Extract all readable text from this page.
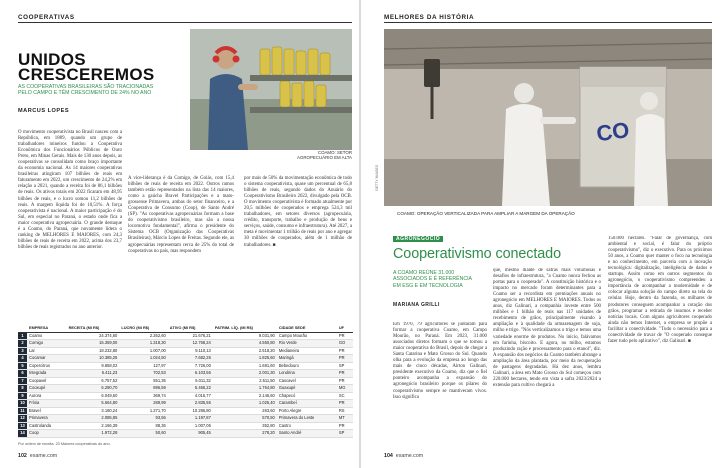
COOPERATIVAS
UNIDOS CRESCEREMOS
AS COOPERATIVAS BRASILEIRAS SÃO TRACIONADAS PELO CAMPO E TÊM CRESCIMENTO DE 24% NO ANO
MARCUS LOPES
COAMO: SETOR AGROPECUÁRIO EM ALTA
O movimento cooperativista no Brasil nasceu com a República, em 1889, quando um grupo de trabalhadores mineiros fundou a Cooperativa Econômica dos Funcionários Públicos de Ouro Preto, em Minas Gerais. Mais de 130 anos depois, as cooperativas se consolidam como braço importante da economia nacional. As 14 maiores cooperativas brasileiras atingiram 107 bilhões de reais em faturamento em 2022, um crescimento de 24,2% em relação a 2021, quando a receita foi de 86,1 bilhões de reais. Os ativos totais em 2022 ficaram em 48,95 bilhões de reais, e o lucro somou 11,2 bilhões de reais. A margem líquida foi de 10,51%. A força cooperativista é nacional. A maior participação é do Sul, em especial no Paraná, o estado onde fica a maior cooperativa agropecuária. O grande destaque é a Coamo, do Paraná, que novamente lidera o ranking de MELHORES E MAIORES, com 24,3 bilhões de reais de receita em 2022, acima dos 23,7 bilhões de reais registrados no ano anterior.
A vice-liderança é da Comigo, de Goiás, com 15,4 bilhões de reais de receita em 2022. Outros ramos também estão representados na lista das 14 maiores, como a gaúcha Bravel Participações e a mato-grossense Primavera, ambas do setor financeiro, e a Cooperativa de Consumo (Coop), de Santo André (SP). "As cooperativas agropecuárias formam a base do cooperativismo brasileiro, mas são a nossa locomotiva fundamental", afirma o presidente do Sistema OCB (Organização das Cooperativas Brasileiras), Márcio Lopes de Freitas. Segundo ele, as agropecuárias representam cerca de 25% do total de cooperativas no país, mas respondem
por mais de 50% da movimentação econômica de todo o sistema cooperativista, quase um percentual de 65,8 bilhões de reais, segundo dados do Anuário do Cooperativismo Brasileiro 2022, divulgado pela OCB. O movimento cooperativista é formado atualmente por 20,5 milhões de cooperados e emprega 524,3 mil trabalhadores, em setores diversos (agropecuária, crédito, transporte, trabalho e produção de bens e serviços, saúde, consumo e infraestrutura). Até 2027, a meta é movimentar 1 trilhão de reais por ano e agregar 30 milhões de cooperados, além de 1 milhão de trabalhadores. ■
	EMPRESA	RECEITA (MI R$)	LUCRO (MI R$)	ATIVO (MI R$)	PATRIM. LÍQ. (MI R$)	CIDADE SEDE	UF
1	Coamo	24.374,60	2.262,60	21.676,21	9.031,90	Campo Mourão	PR
2	Comigo	15.359,00	1.318,30	12.768,24	4.550,80	Rio Verde	GO
3	Lar	18.232,80	1.007,00	9.110,13	2.518,20	Medianeira	PR
4	Cocamar	10.385,25	1.024,50	7.682,26	1.825,60	Maringá	PR
5	Copercitrus	9.858,02	127,97	7.726,00	1.691,60	Bebedouro	SP
6	Integrada	6.411,23	702,53	6.103,56	2.001,30	Londrina	PR
7	Coopavel	6.757,52	551,35	5.011,32	2.511,50	Cascavel	PR
8	Cooxupé	6.290,70	896,59	5.466,22	1.764,80	Guaxupé	MG
9	Aurora	6.049,60	369,74	4.016,77	2.146,60	Chapecó	SC
10	Frísia	5.664,80	289,99	2.835,55	1.025,40	Carambeí	PR
11	Bravel	3.180,24	1.271,70	10.286,80	263,60	Porto Alegre	RS
12	Primavera	2.085,85	93,56	1.197,87	570,50	Primavera do Leste	MT
13	Castrolanda	2.166,39	88,36	1.007,06	352,80	Castro	PR
14	Coop	1.972,28	50,60	905,45	278,20	Santo André	SP
Por ordem de receita. 23 Maiores cooperativas do ano.
102 exame.com
MELHORES DA HISTÓRIA
CO
GETTY IMAGES
COAMO: OPERAÇÃO VERTICALIZADA PARA AMPLIAR A MARGEM DA OPERAÇÃO
AGRONEGÓCIO
Cooperativismo conectado
A COAMO REÚNE 31.000 ASSOCIADOS E É REFERÊNCIA EM ESG E EM TECNOLOGIA
MARIANA GRILLI
Em 1970, 79 agricultores se juntaram para formar a cooperativa Coamo, em Campo Mourão, no Paraná. Em 2023, 31.000 associados diretos formam o que se tornou a maior cooperativa do Brasil, depois de chegar a Santa Catarina e Mato Grosso do Sul. Quando olha para a evolução da empresa ao longo das mais de cinco décadas, Airton Galinari, presidente executivo da Coamo, diz que o fiel ponteiro acompanha a expansão do agronegócio brasileiro porque os pilares do cooperativismo sempre se mantiveram vivos. Isso significa
que, mesmo diante de safras mais volumosas e desafios de infraestrutura, "a Coamo nunca fechou as portas para o cooperado". A constituição histórica e o impacto no mercado foram determinantes para a Coamo ser a recordista em premiações anuais no agronegócio em MELHORES E MAIORES. Todos os anos, diz Galinari, a companhia investe entre 500 milhões e 1 bilhão de reais nas 117 unidades de recebimento de grãos, principalmente visando à ampliação e à qualidade da armazenagem de soja, milho e trigo. "Nós verticalizamos o trigo e temos uma variedade enorme de produtos. No início, falávamos em farinha, biscoito. E agora, no milho, estamos produzindo ração e processamento para o etanol", diz. A expansão dos negócios da Coamo também abrange a ampliação da área plantada, por meio da recuperação de pastagens degradadas. Há dez anos, lembra Galinari, a área em Mato Grosso do Sul começou com 220.000 hectares, tendo em vista a safra 2023/2024 a extensão para cultivo chegará a
150.000 hectares. "Falar de governança, com ambiental e social, é falar do próprio cooperativismo", diz o executivo. Para os próximos 50 anos, a Coamo quer manter o foco na tecnologia e no conhecimento, em parceria com a inovação tecnológica: digitalização, inteligência de dados e startups. Assim como em outros segmentos do agronegócio, o cooperativismo compreendeu a importância de acompanhar a modernidade e de colocar alguma solução do campo direto na tela do celular. Hoje, dentro da fazenda, os milhares de produtores conseguem acompanhar a cotação dos grãos, programar a retirada de insumos e receber notícias locais. Com alguns agricultores cooperado ainda não temos Internet, a empresa se propõe a facilitar a conectividade. "Tudo o necessário para a conectividade de travar de "O cooperado consegue fazer tudo pelo aplicativo", diz Galinari. ■
104 exame.com
